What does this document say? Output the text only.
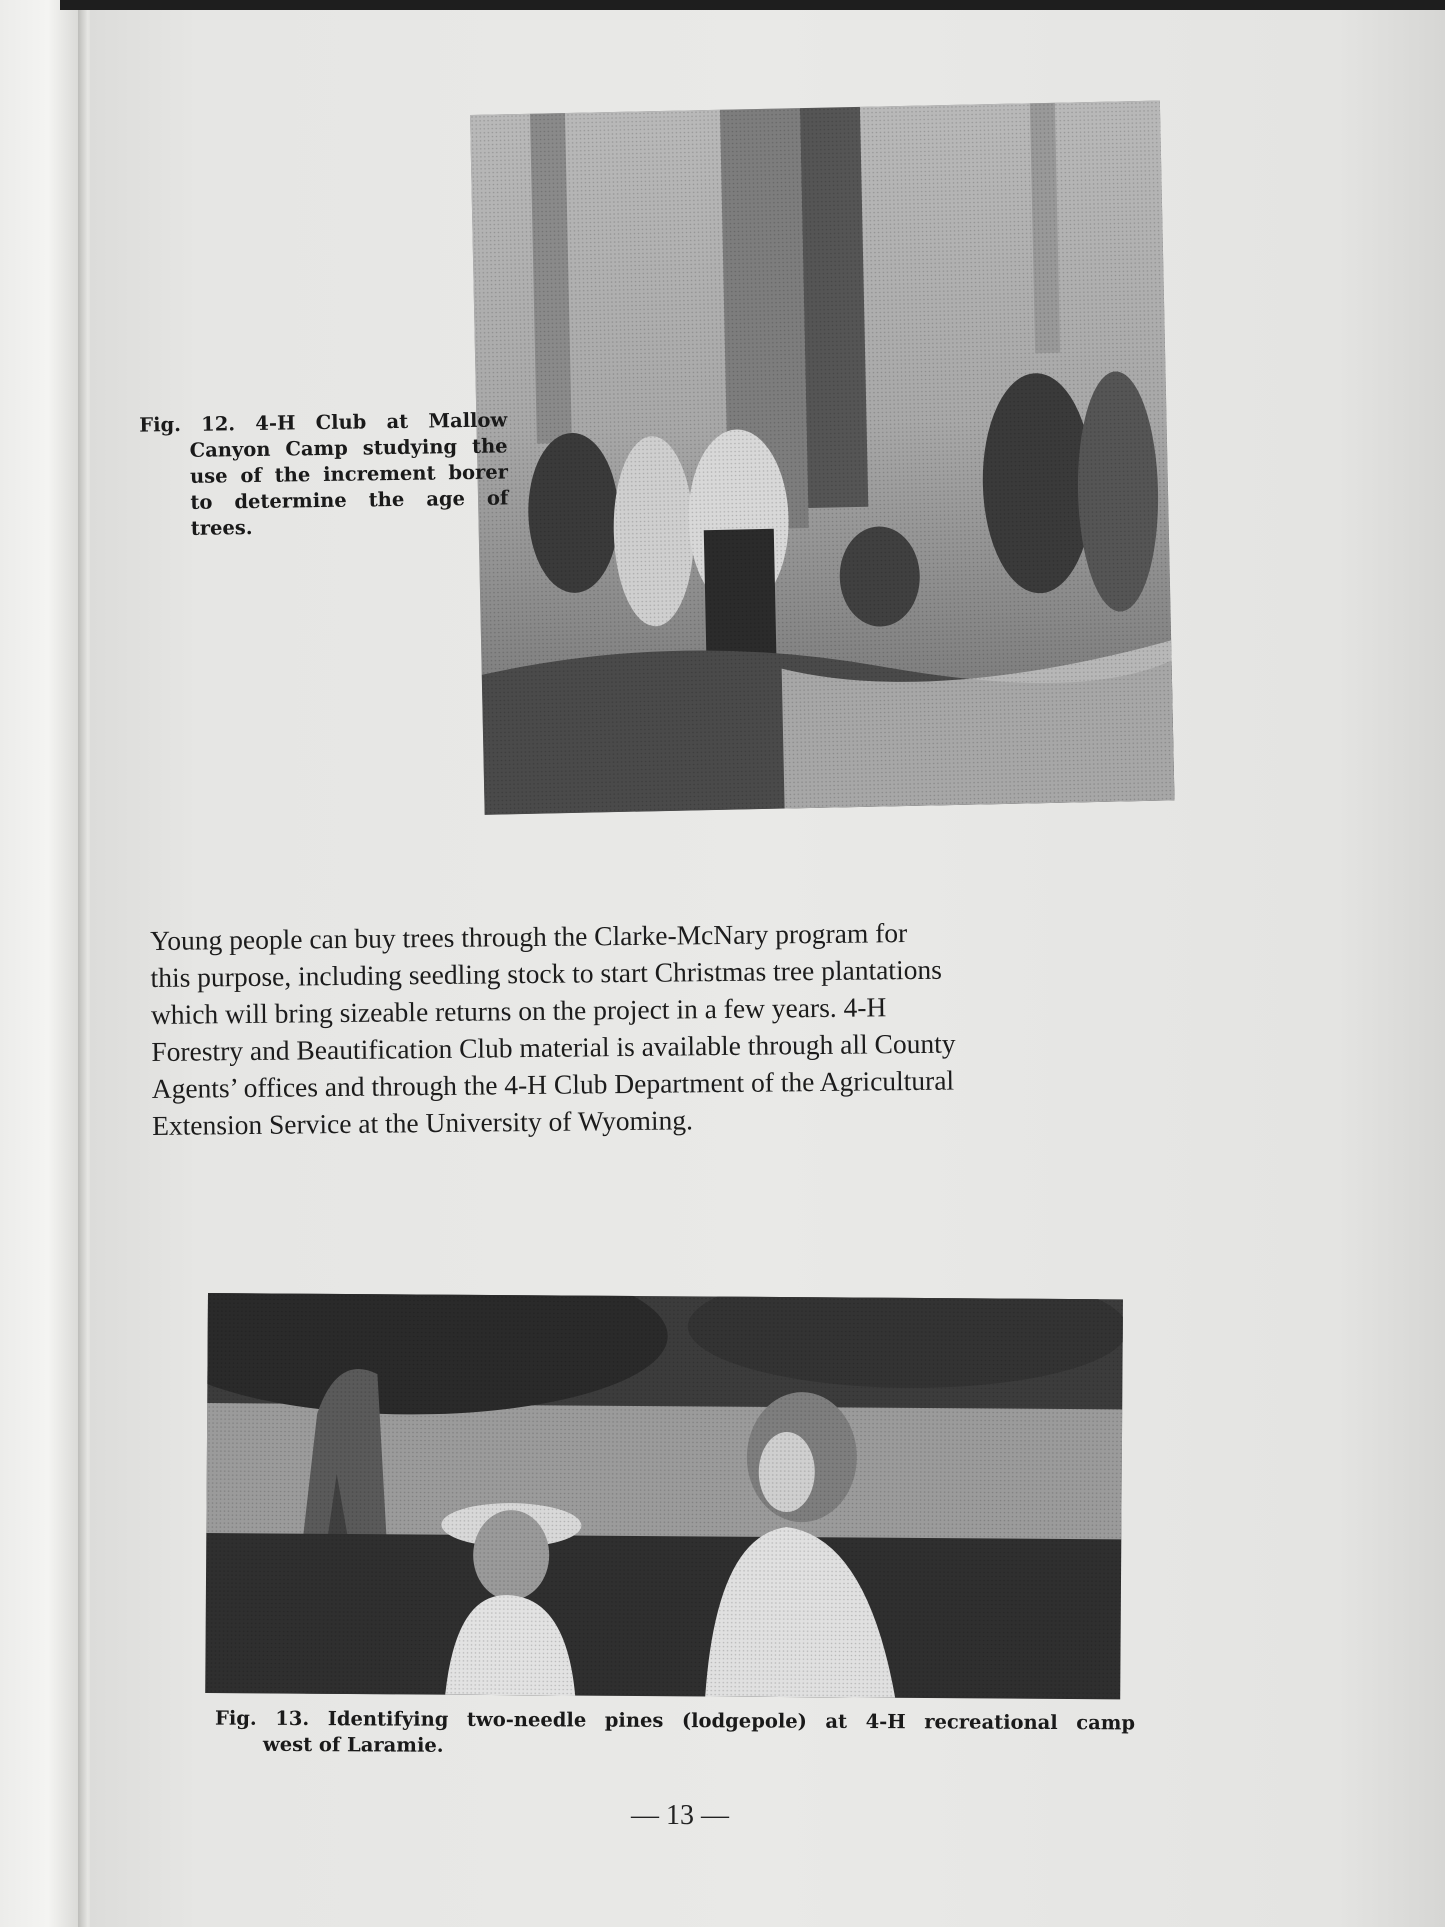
Fig. 12. 4-H Club at Mallow Canyon Camp studying the use of the increment borer to determine the age of trees.
Young people can buy trees through the Clarke-McNary program for
this purpose, including seedling stock to start Christmas tree plantations
which will bring sizeable returns on the project in a few years. 4-H
Forestry and Beautification Club material is available through all County
Agents’ offices and through the 4-H Club Department of the Agricultural
Extension Service at the University of Wyoming.
Fig. 13. Identifying two-needle pines (lodgepole) at 4-H recreational camp
west of Laramie.
— 13 —
